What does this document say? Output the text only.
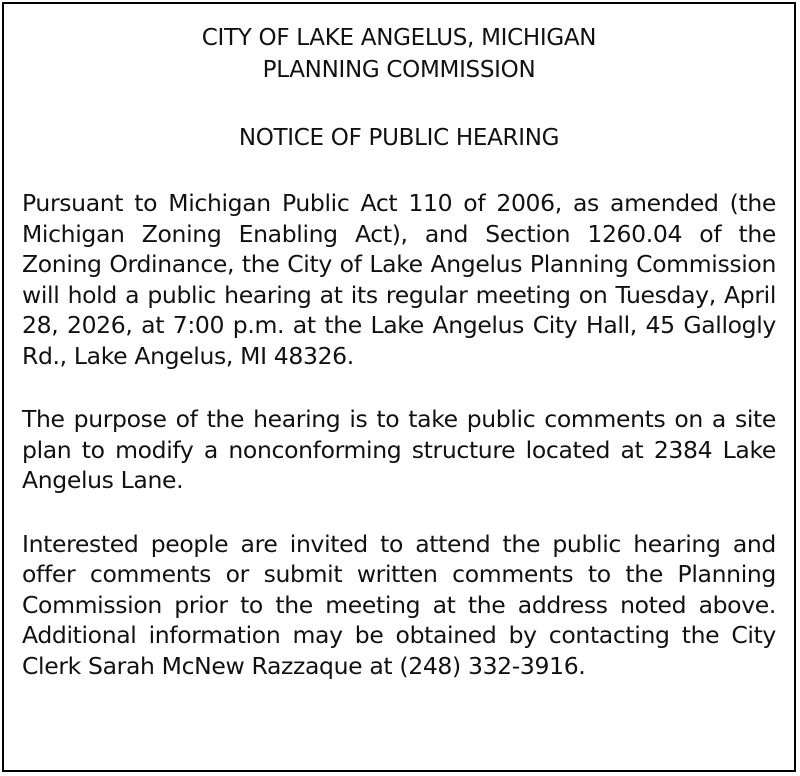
CITY OF LAKE ANGELUS, MICHIGAN
PLANNING COMMISSION
NOTICE OF PUBLIC HEARING

Pursuant to Michigan Public Act 110 of 2006, as amended (the Michigan Zoning Enabling Act), and Section 1260.04 of the Zoning Ordinance, the City of Lake Angelus Planning Commission will hold a public hearing at its regular meeting on Tuesday, April 28, 2026, at 7:00 p.m. at the Lake Angelus City Hall, 45 Gallogly Rd., Lake Angelus, MI 48326.

The purpose of the hearing is to take public comments on a site plan to modify a nonconforming structure located at 2384 Lake Angelus Lane.

Interested people are invited to attend the public hearing and offer comments or submit written comments to the Planning Commission prior to the meeting at the address noted above. Additional information may be obtained by contacting the City Clerk Sarah McNew Razzaque at (248) 332-3916.
